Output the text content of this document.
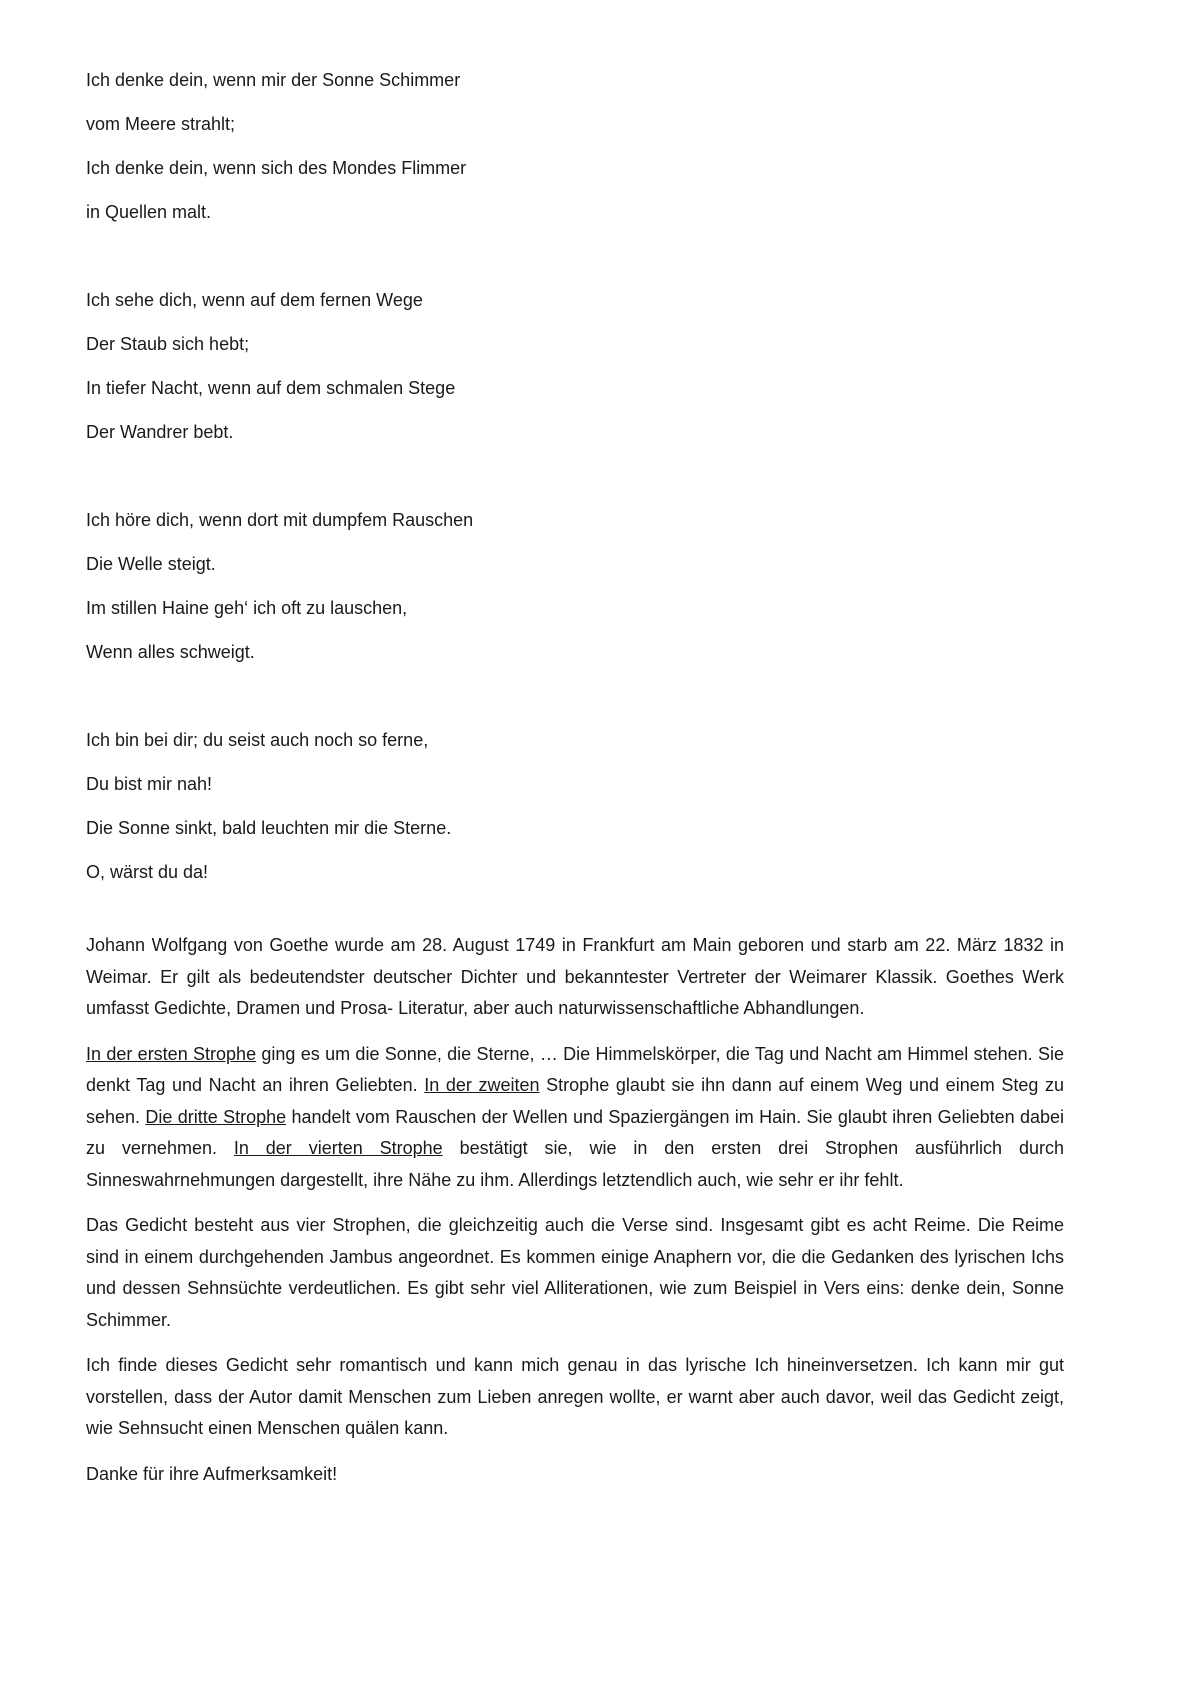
Ich denke dein, wenn mir der Sonne Schimmer
vom Meere strahlt;
Ich denke dein, wenn sich des Mondes Flimmer
in Quellen malt.
Ich sehe dich, wenn auf dem fernen Wege
Der Staub sich hebt;
In tiefer Nacht, wenn auf dem schmalen Stege
Der Wandrer bebt.
Ich höre dich, wenn dort mit dumpfem Rauschen
Die Welle steigt.
Im stillen Haine geh‘ ich oft zu lauschen,
Wenn alles schweigt.
Ich bin bei dir; du seist auch noch so ferne,
Du bist mir nah!
Die Sonne sinkt, bald leuchten mir die Sterne.
O, wärst du da!

Johann Wolfgang von Goethe wurde am 28. August 1749 in Frankfurt am Main geboren und starb am 22. März 1832 in Weimar. Er gilt als bedeutendster deutscher Dichter und bekanntester Vertreter der Weimarer Klassik. Goethes Werk umfasst Gedichte, Dramen und Prosa- Literatur, aber auch naturwissenschaftliche Abhandlungen.

In der ersten Strophe ging es um die Sonne, die Sterne, … Die Himmelskörper, die Tag und Nacht am Himmel stehen. Sie denkt Tag und Nacht an ihren Geliebten. In der zweiten Strophe glaubt sie ihn dann auf einem Weg und einem Steg zu sehen. Die dritte Strophe handelt vom Rauschen der Wellen und Spaziergängen im Hain. Sie glaubt ihren Geliebten dabei zu vernehmen. In der vierten Strophe bestätigt sie, wie in den ersten drei Strophen ausführlich durch Sinneswahrnehmungen dargestellt, ihre Nähe zu ihm. Allerdings letztendlich auch, wie sehr er ihr fehlt.

Das Gedicht besteht aus vier Strophen, die gleichzeitig auch die Verse sind. Insgesamt gibt es acht Reime. Die Reime sind in einem durchgehenden Jambus angeordnet. Es kommen einige Anaphern vor, die die Gedanken des lyrischen Ichs und dessen Sehnsüchte verdeutlichen. Es gibt sehr viel Alliterationen, wie zum Beispiel in Vers eins: denke dein, Sonne Schimmer.

Ich finde dieses Gedicht sehr romantisch und kann mich genau in das lyrische Ich hineinversetzen. Ich kann mir gut vorstellen, dass der Autor damit Menschen zum Lieben anregen wollte, er warnt aber auch davor, weil das Gedicht zeigt, wie Sehnsucht einen Menschen quälen kann.

Danke für ihre Aufmerksamkeit!
